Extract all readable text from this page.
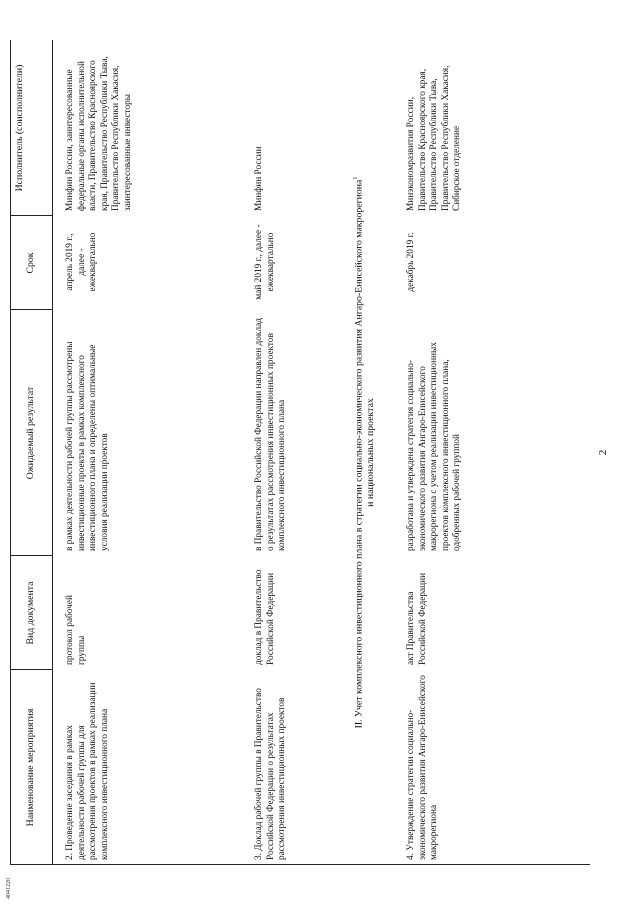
4041220
Наименование мероприятия
Вид документа
Ожидаемый результат
Срок
Исполнитель (соисполнители)
2. Проведение заседания в рамках деятельности рабочей группы для рассмотрения проектов в рамках реализации комплексного инвестиционного плана
протокол рабочей группы
в рамках деятельности рабочей группы рассмотрены инвестиционные проекты в рамках комплексного инвестиционного плана и определены оптимальные условия реализации проектов
апрель 2019 г., далее - ежеквартально
Минфин России, заинтересованные федеральные органы исполнительной власти, Правительство Красноярского края, Правительство Республики Тыва, Правительство Республики Хакасия, заинтересованные инвесторы
3. Доклад рабочей группы в Правительство Российской Федерации о результатах рассмотрения инвестиционных проектов
доклад в Правительство Российской Федерации
в Правительство Российской Федерации направлен доклад о результатах рассмотрения инвестиционных проектов комплексного инвестиционного плана
май 2019 г., далее - ежеквартально
Минфин России
II. Учет комплексного инвестиционного плана в стратегии социально-экономического развития Ангаро-Енисейского макрорегиона$^1$
и национальных проектах
4. Утверждение стратегии социально-экономического развития Ангаро-Енисейского макрорегиона
акт Правительства Российской Федерации
разработана и утверждена стратегия социально-экономического развития Ангаро-Енисейского макрорегиона с учетом реализации инвестиционных проектов комплексного инвестиционного плана, одобренных рабочей группой
декабрь 2019 г.
Минэкономразвития России, Правительство Красноярского края, Правительство Республики Тыва, Правительство Республики Хакасия, Сибирское отделение
2
